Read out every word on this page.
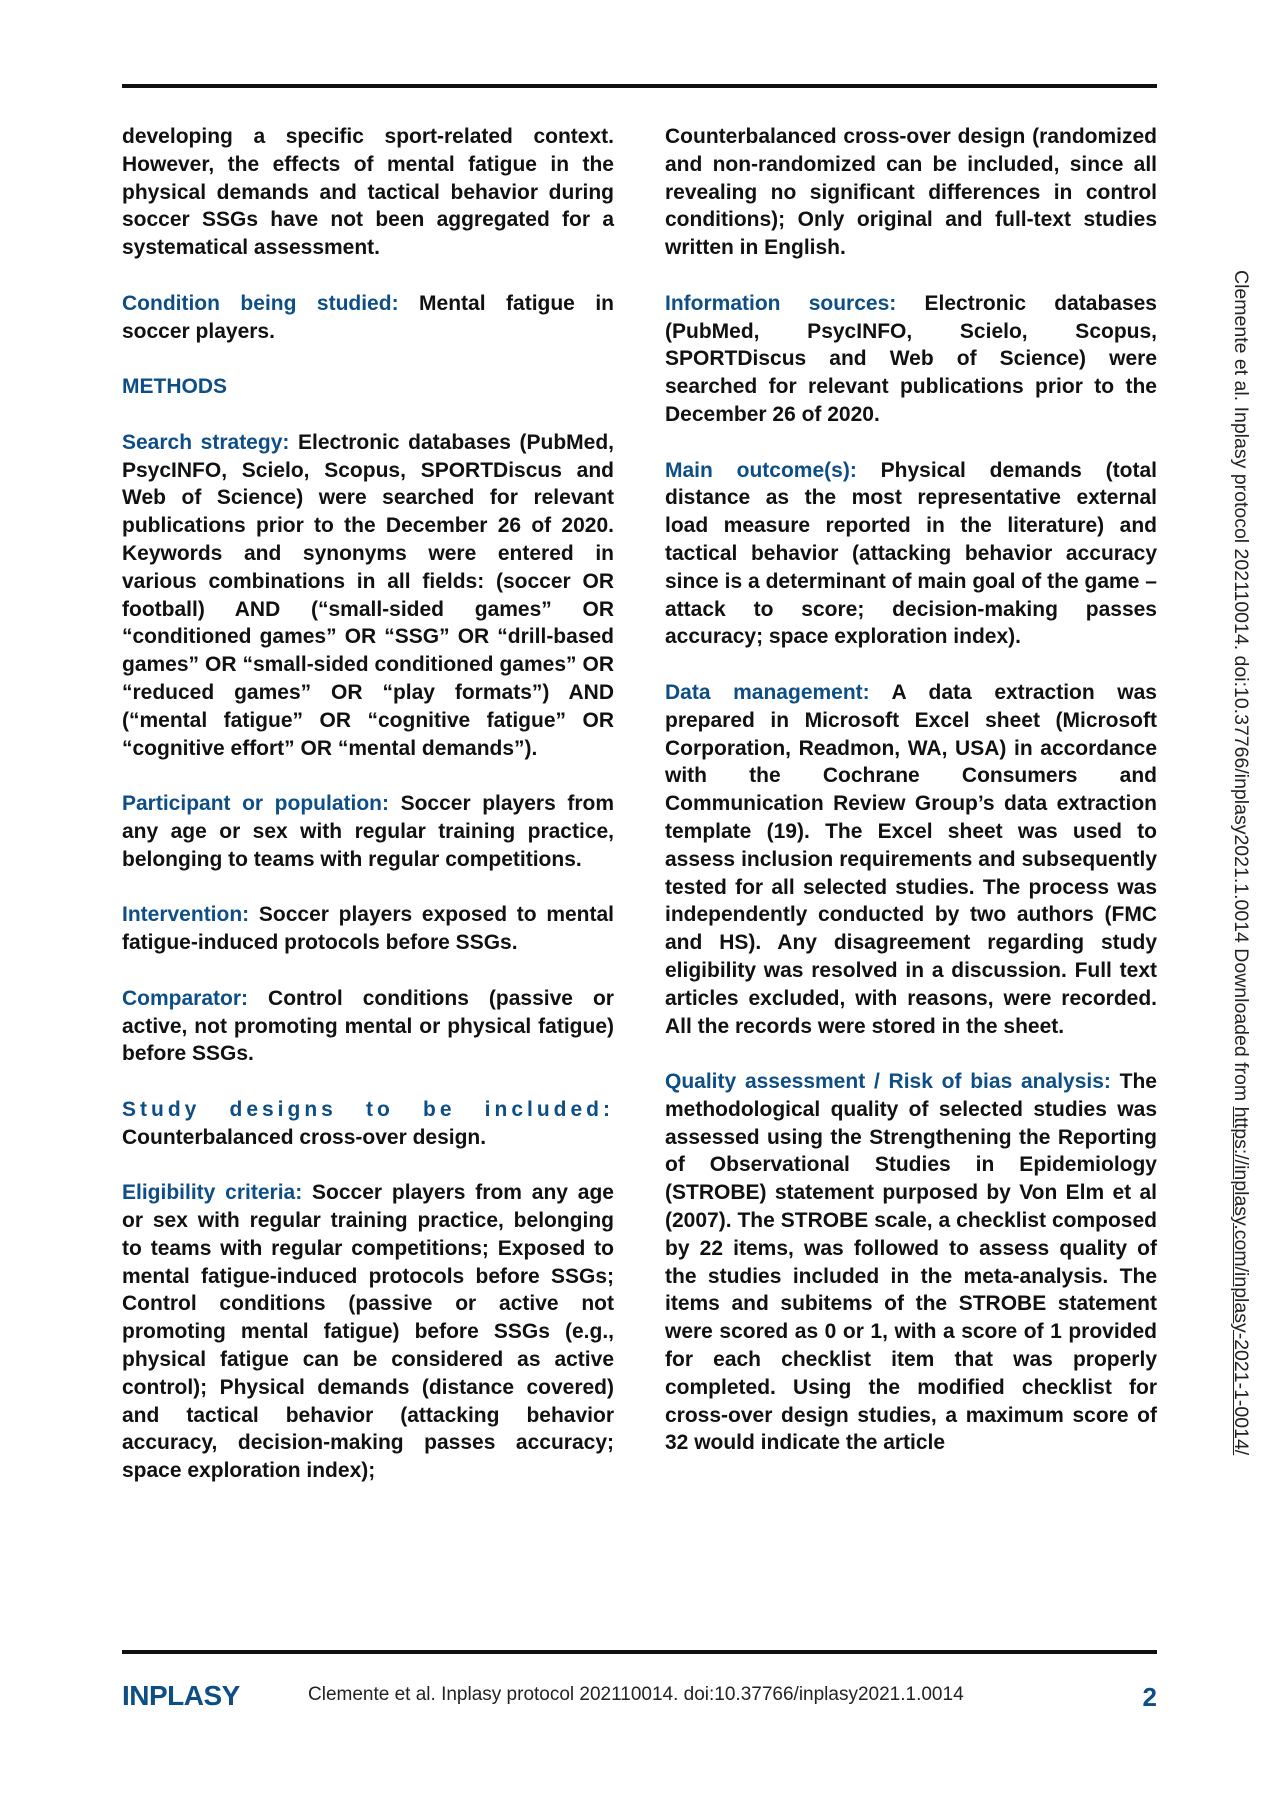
developing a specific sport-related context. However, the effects of mental fatigue in the physical demands and tactical behavior during soccer SSGs have not been aggregated for a systematical assessment.

Condition being studied: Mental fatigue in soccer players.

METHODS

Search strategy: Electronic databases (PubMed, PsycINFO, Scielo, Scopus, SPORTDiscus and Web of Science) were searched for relevant publications prior to the December 26 of 2020. Keywords and synonyms were entered in various combinations in all fields: (soccer OR football) AND (“small-sided games” OR “conditioned games” OR “SSG” OR “drill-based games” OR “small-sided conditioned games” OR “reduced games” OR “play formats”) AND (“mental fatigue” OR “cognitive fatigue” OR “cognitive effort” OR “mental demands”).

Participant or population: Soccer players from any age or sex with regular training practice, belonging to teams with regular competitions.

Intervention: Soccer players exposed to mental fatigue-induced protocols before SSGs.

Comparator: Control conditions (passive or active, not promoting mental or physical fatigue) before SSGs.

Study designs to be included: Counterbalanced cross-over design.

Eligibility criteria: Soccer players from any age or sex with regular training practice, belonging to teams with regular competitions; Exposed to mental fatigue-induced protocols before SSGs; Control conditions (passive or active not promoting mental fatigue) before SSGs (e.g., physical fatigue can be considered as active control); Physical demands (distance covered) and tactical behavior (attacking behavior accuracy, decision-making passes accuracy; space exploration index);

Counterbalanced cross-over design (randomized and non-randomized can be included, since all revealing no significant differences in control conditions); Only original and full-text studies written in English.

Information sources: Electronic databases (PubMed, PsycINFO, Scielo, Scopus, SPORTDiscus and Web of Science) were searched for relevant publications prior to the December 26 of 2020.

Main outcome(s): Physical demands (total distance as the most representative external load measure reported in the literature) and tactical behavior (attacking behavior accuracy since is a determinant of main goal of the game – attack to score; decision-making passes accuracy; space exploration index).

Data management: A data extraction was prepared in Microsoft Excel sheet (Microsoft Corporation, Readmon, WA, USA) in accordance with the Cochrane Consumers and Communication Review Group’s data extraction template (19). The Excel sheet was used to assess inclusion requirements and subsequently tested for all selected studies. The process was independently conducted by two authors (FMC and HS). Any disagreement regarding study eligibility was resolved in a discussion. Full text articles excluded, with reasons, were recorded. All the records were stored in the sheet.

Quality assessment / Risk of bias analysis: The methodological quality of selected studies was assessed using the Strengthening the Reporting of Observational Studies in Epidemiology (STROBE) statement purposed by Von Elm et al (2007). The STROBE scale, a checklist composed by 22 items, was followed to assess quality of the studies included in the meta-analysis. The items and subitems of the STROBE statement were scored as 0 or 1, with a score of 1 provided for each checklist item that was properly completed. Using the modified checklist for cross-over design studies, a maximum score of 32 would indicate the article

INPLASY	Clemente et al. Inplasy protocol 202110014. doi:10.37766/inplasy2021.1.0014	2
Clemente et al. Inplasy protocol 202110014. doi:10.37766/inplasy2021.1.0014 Downloaded from https://inplasy.com/inplasy-2021-1-0014/
